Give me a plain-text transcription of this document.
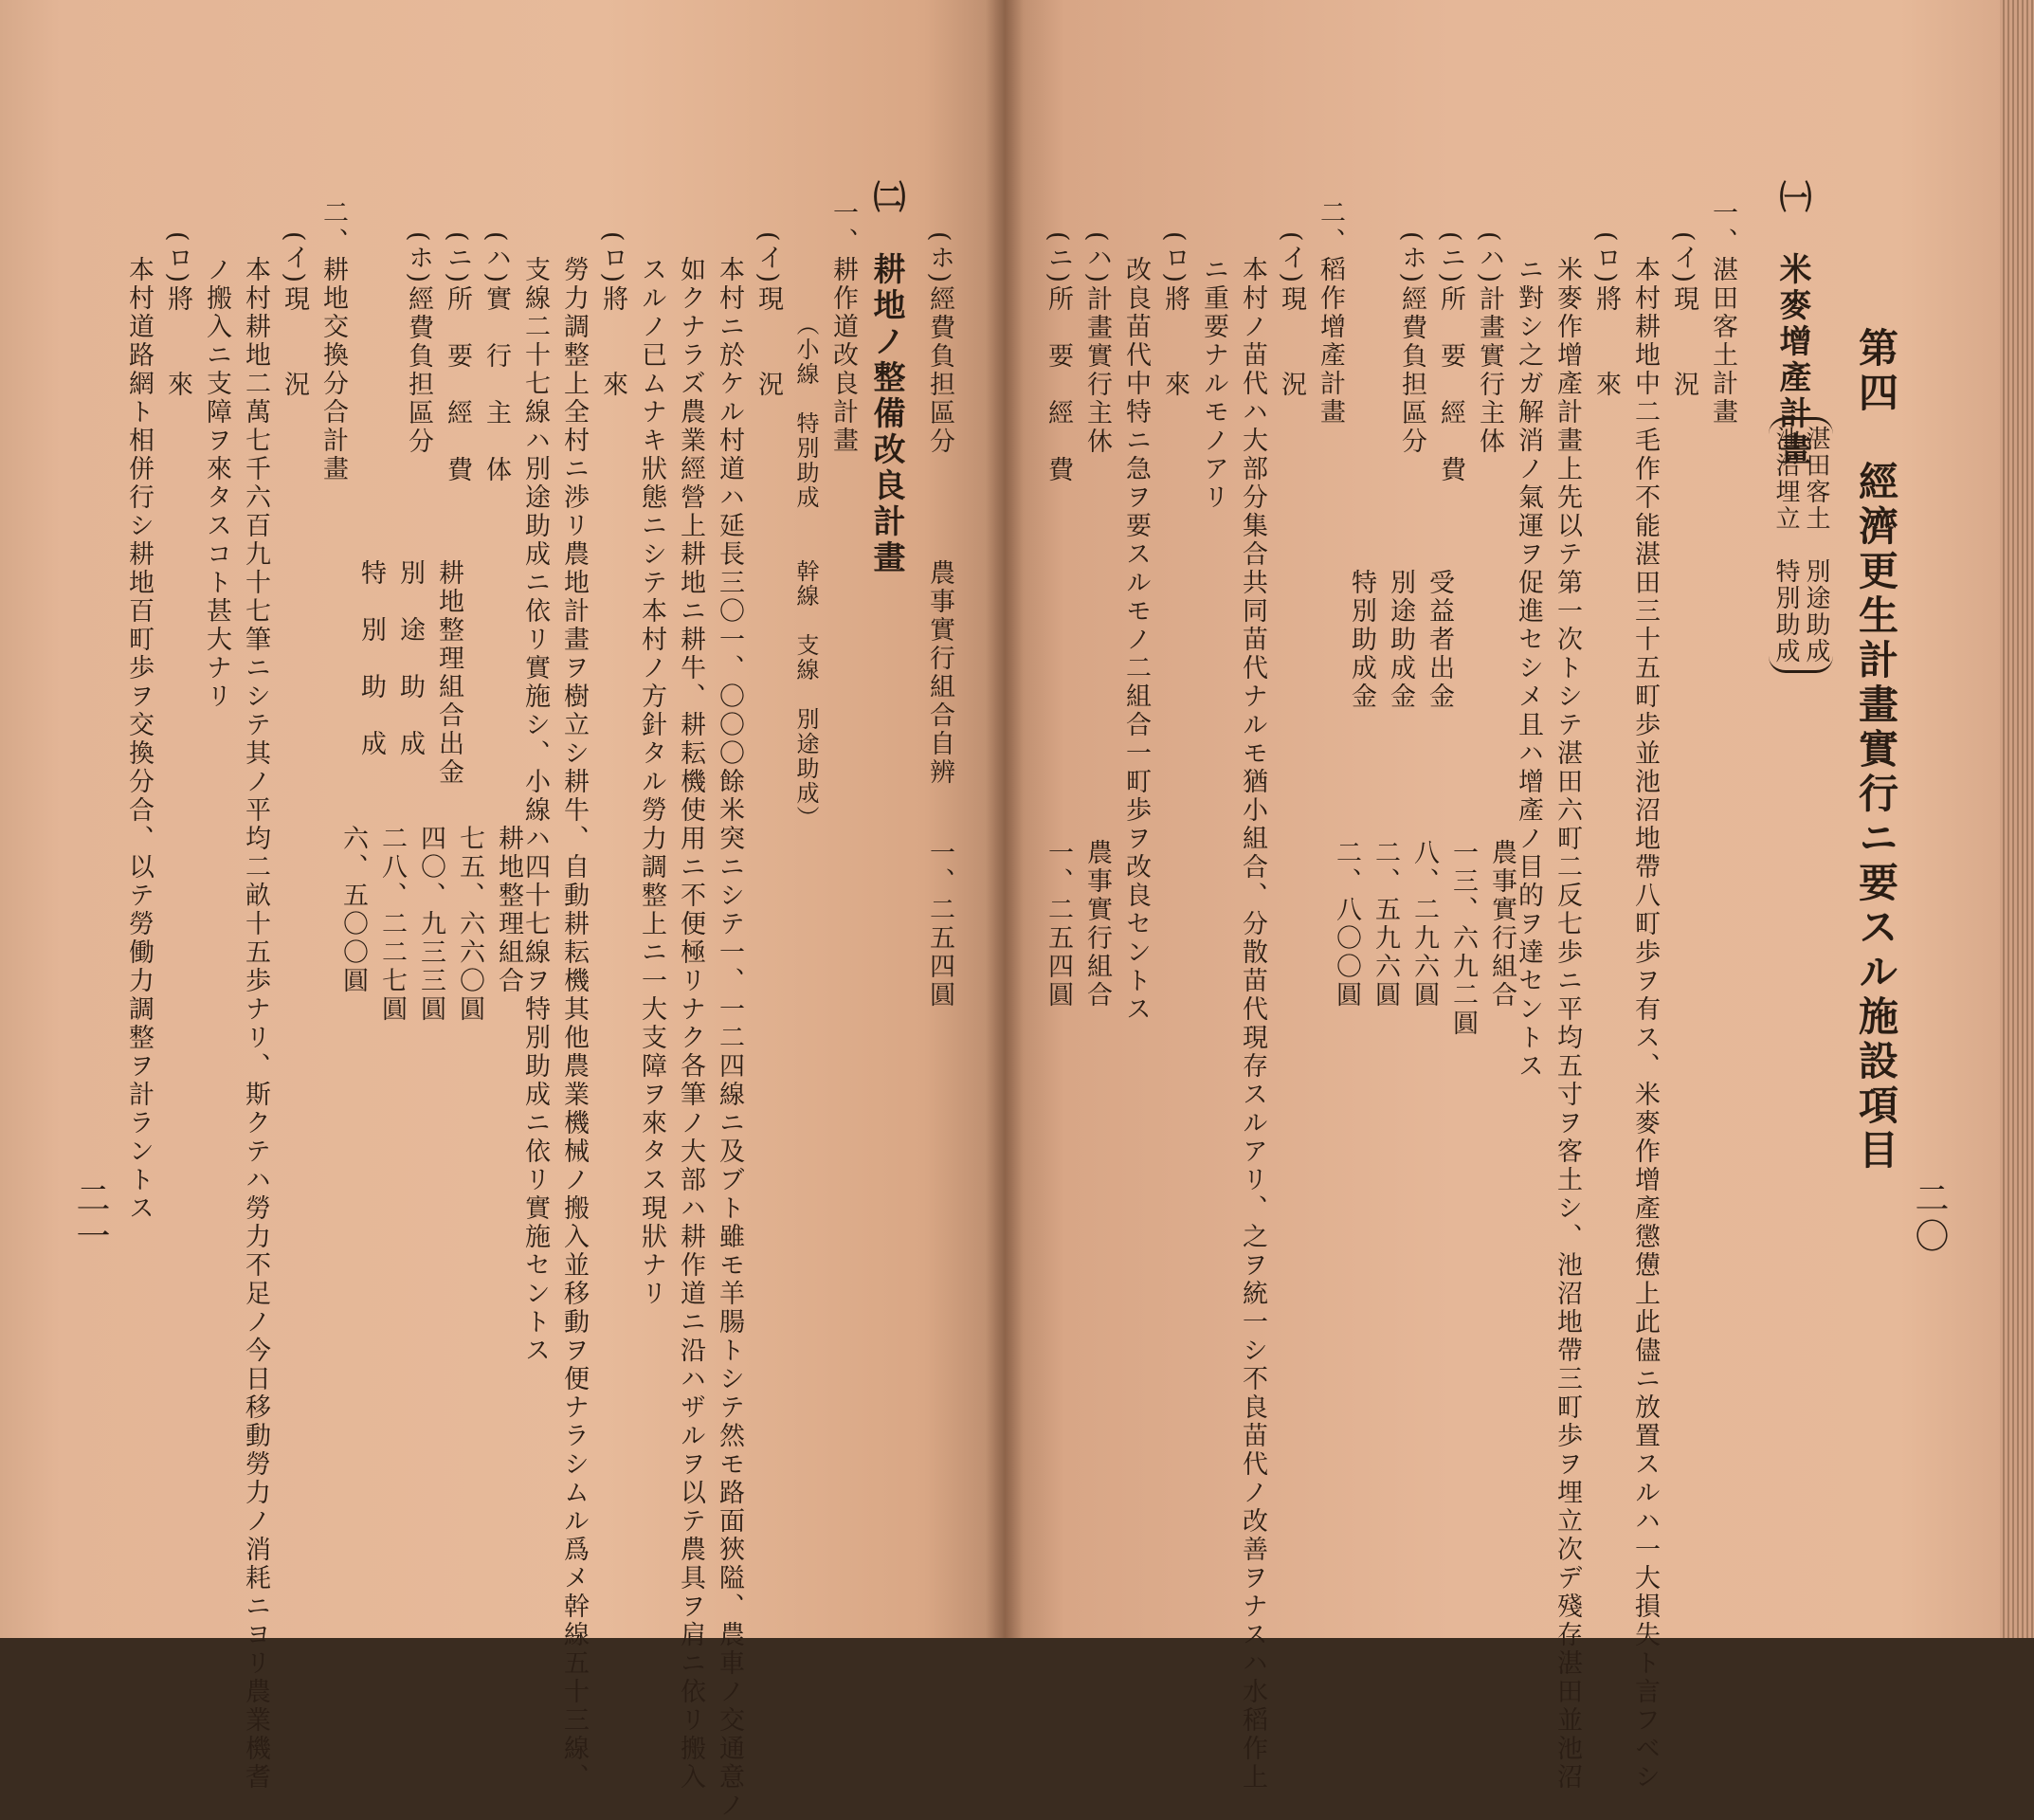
第四　經濟更生計畫實行ニ要スル施設項目
㈠　米麥增產計畫
湛田客土　別途助成
池沼埋立　特別助成
一、湛田客土計畫
(イ)現　　況
本村耕地中二毛作不能湛田三十五町歩並池沼地帶八町歩ヲ有ス、米麥作增產懲憊上此儘ニ放置スルハ一大損失ト言フベシ
(ロ)將　　來
米麥作增產計畫上先以テ第一次トシテ湛田六町二反七歩ニ平均五寸ヲ客土シ、池沼地帶三町歩ヲ埋立次デ殘存湛田並池沼
ニ對シ之ガ解消ノ氣運ヲ促進セシメ且ハ增產ノ目的ヲ達セントス
(ハ)計畫實行主体
農事實行組合
(ニ)所　要　經　費
一三、六九二圓
(ホ)經費負担區分
受益者出金
八、二九六圓
別途助成金
二、五九六圓
特別助成金
二、八〇〇圓
二、稻作增產計畫
(イ)現　　況
本村ノ苗代ハ大部分集合共同苗代ナルモ猶小組合、分散苗代現存スルアリ、之ヲ統一シ不良苗代ノ改善ヲナスハ水稻作上
ニ重要ナルモノアリ
(ロ)將　　來
改良苗代中特ニ急ヲ要スルモノ二組合一町歩ヲ改良セントス
(ハ)計畫實行主休
農事實行組合
(ニ)所　要　經　費
一、二五四圓
二〇
(ホ)經費負担區分
農事實行組合自辨
一、二五四圓
㈡　耕地ノ整備改良計畫
一、耕作道改良計畫
（小線　特別助成　　幹線　支線　別途助成）
(イ)現　　況
本村ニ於ケル村道ハ延長三〇一、〇〇〇餘米突ニシテ一、一二四線ニ及ブト雖モ羊腸トシテ然モ路面狹隘、農車ノ交通意ノ
如クナラズ農業經營上耕地ニ耕牛、耕耘機使用ニ不便極リナク各筆ノ大部ハ耕作道ニ沿ハザルヲ以テ農具ヲ肩ニ依リ搬入
スルノ已ムナキ狀態ニシテ本村ノ方針タル勞力調整上ニ一大支障ヲ來タス現狀ナリ
(ロ)將　　來
勞力調整上全村ニ渉リ農地計畫ヲ樹立シ耕牛、自動耕耘機其他農業機械ノ搬入並移動ヲ便ナラシムル爲メ幹線五十三線、
支線二十七線ハ別途助成ニ依リ實施シ、小線ハ四十七線ヲ特別助成ニ依リ實施セントス
(ハ)實　行　主　体
耕地整理組合
(ニ)所　要　經　費
七五、六六〇圓
(ホ)經費負担區分
耕地整理組合出金
四〇、九三三圓
別　途　助　成
二八、二二七圓
特　別　助　成
六、五〇〇圓
二、耕地交換分合計畫
(イ)現　　況
本村耕地二萬七千六百九十七筆ニシテ其ノ平均二畝十五歩ナリ、斯クテハ勞力不足ノ今日移動勞力ノ消耗ニヨリ農業機耆
ノ搬入ニ支障ヲ來タスコト甚大ナリ
(ロ)將　　來
本村道路網ト相併行シ耕地百町歩ヲ交換分合、以テ勞働力調整ヲ計ラントス
二一
